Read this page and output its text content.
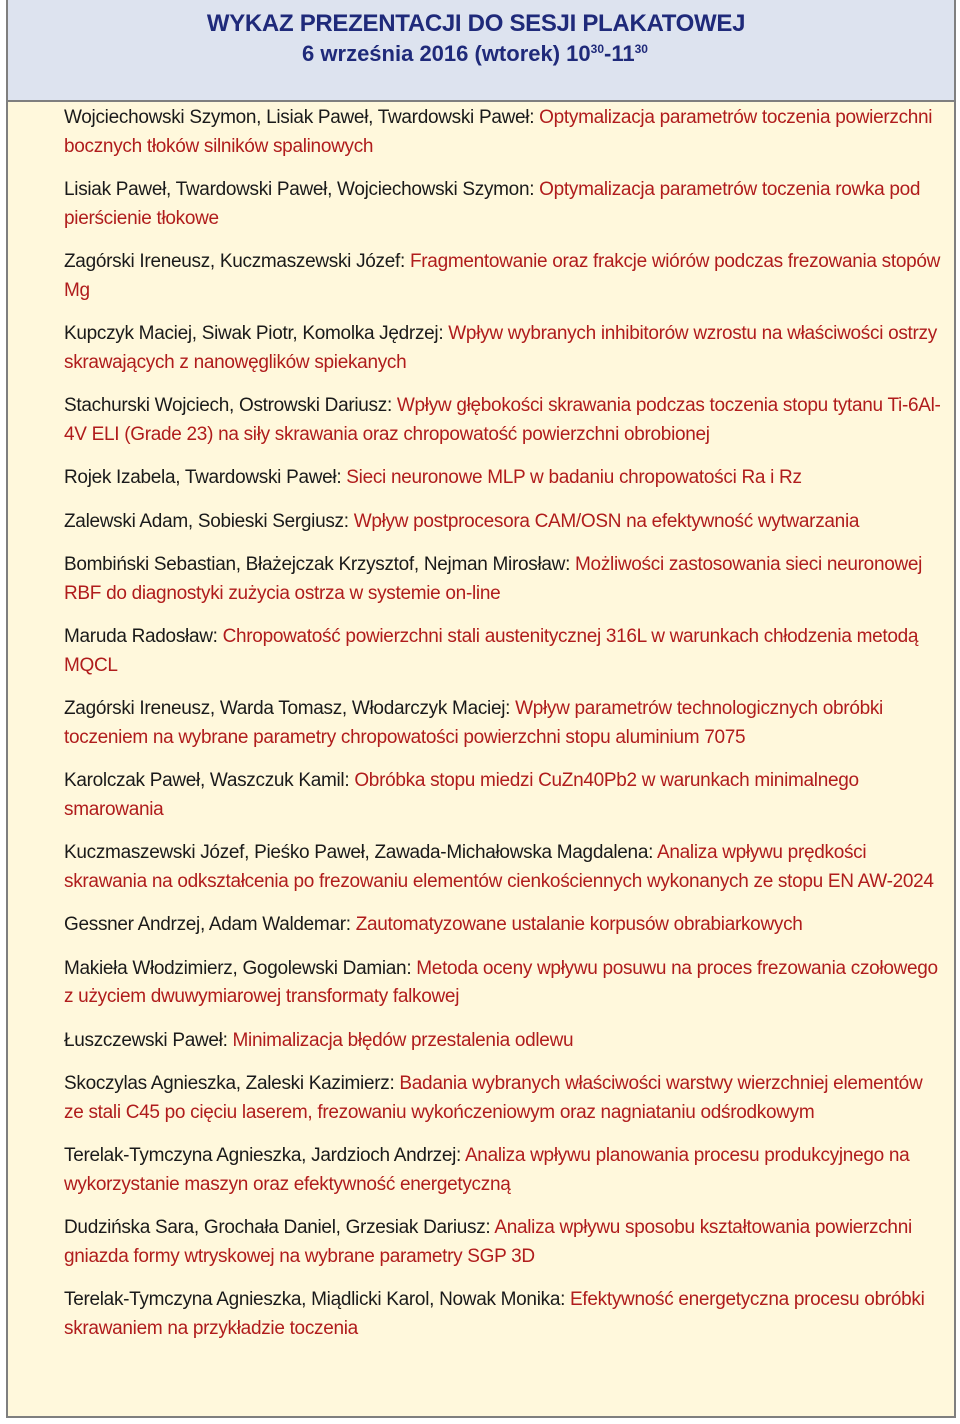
WYKAZ PREZENTACJI DO SESJI PLAKATOWEJ
6 września 2016 (wtorek) $10^{30}-11^{30}$
Wojciechowski Szymon, Lisiak Paweł, Twardowski Paweł: Optymalizacja parametrów toczenia powierzchni bocznych tłoków silników spalinowych
Lisiak Paweł, Twardowski Paweł, Wojciechowski Szymon: Optymalizacja parametrów toczenia rowka pod pierścienie tłokowe
Zagórski Ireneusz, Kuczmaszewski Józef: Fragmentowanie oraz frakcje wiórów podczas frezowania stopów Mg
Kupczyk Maciej, Siwak Piotr, Komolka Jędrzej: Wpływ wybranych inhibitorów wzrostu na właściwości ostrzy skrawających z nanowęglików spiekanych
Stachurski Wojciech, Ostrowski Dariusz: Wpływ głębokości skrawania podczas toczenia stopu tytanu Ti-6Al-4V ELI (Grade 23) na siły skrawania oraz chropowatość powierzchni obrobionej
Rojek Izabela, Twardowski Paweł: Sieci neuronowe MLP w badaniu chropowatości Ra i Rz
Zalewski Adam, Sobieski Sergiusz: Wpływ postprocesora CAM/OSN na efektywność wytwarzania
Bombiński Sebastian, Błażejczak Krzysztof, Nejman Mirosław: Możliwości zastosowania sieci neuronowej RBF do diagnostyki zużycia ostrza w systemie on-line
Maruda Radosław: Chropowatość powierzchni stali austenitycznej 316L w warunkach chłodzenia metodą MQCL
Zagórski Ireneusz, Warda Tomasz, Włodarczyk Maciej: Wpływ parametrów technologicznych obróbki toczeniem na wybrane parametry chropowatości powierzchni stopu aluminium 7075
Karolczak Paweł, Waszczuk Kamil: Obróbka stopu miedzi CuZn40Pb2 w warunkach minimalnego smarowania
Kuczmaszewski Józef, Pieśko Paweł, Zawada-Michałowska Magdalena: Analiza wpływu prędkości skrawania na odkształcenia po frezowaniu elementów cienkościennych wykonanych ze stopu EN AW-2024
Gessner Andrzej, Adam Waldemar: Zautomatyzowane ustalanie korpusów obrabiarkowych
Makieła Włodzimierz, Gogolewski Damian: Metoda oceny wpływu posuwu na proces frezowania czołowego z użyciem dwuwymiarowej transformaty falkowej
Łuszczewski Paweł: Minimalizacja błędów przestalenia odlewu
Skoczylas Agnieszka, Zaleski Kazimierz: Badania wybranych właściwości warstwy wierzchniej elementów ze stali C45 po cięciu laserem, frezowaniu wykończeniowym oraz nagniataniu odśrodkowym
Terelak-Tymczyna Agnieszka, Jardzioch Andrzej: Analiza wpływu planowania procesu produkcyjnego na wykorzystanie maszyn oraz efektywność energetyczną
Dudzińska Sara, Grochała Daniel, Grzesiak Dariusz: Analiza wpływu sposobu kształtowania powierzchni gniazda formy wtryskowej na wybrane parametry SGP 3D
Terelak-Tymczyna Agnieszka, Miądlicki Karol, Nowak Monika: Efektywność energetyczna procesu obróbki skrawaniem na przykładzie toczenia
